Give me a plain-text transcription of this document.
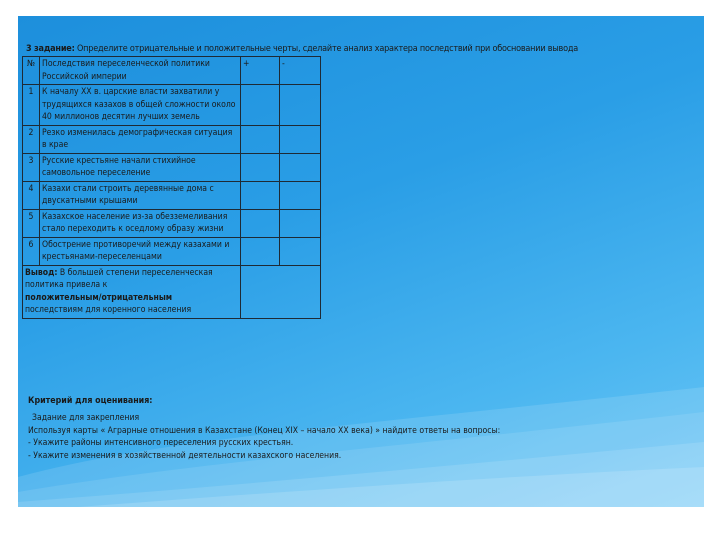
3 задание: Определите отрицательные и положительные черты, сделайте анализ характера последствий при обосновании вывода
№	Последствия переселенческой политики Российской империи	+	-
1	К началу XX в. царские власти захватили у трудящихся казахов в общей сложности около 40 миллионов десятин лучших земель		
2	Резко изменилась демографическая ситуация в крае		
3	Русские крестьяне начали стихийное самовольное переселение		
4	Казахи стали строить деревянные дома с двускатными крышами		
5	Казахское население из-за обезземеливания стало переходить к оседлому образу жизни		
6	Обострение противоречий между казахами и крестьянами-переселенцами		
Вывод: В большей степени переселенческая политика привела к
положительным/отрицательным
последствиям для коренного населения			
Критерий для оценивания:
Задание для закрепления
Используя карты « Аграрные отношения в Казахстане (Конец XIX – начало XX века) » найдите ответы на вопросы:
- Укажите районы интенсивного переселения русских крестьян.
- Укажите изменения в хозяйственной деятельности казахского населения.
